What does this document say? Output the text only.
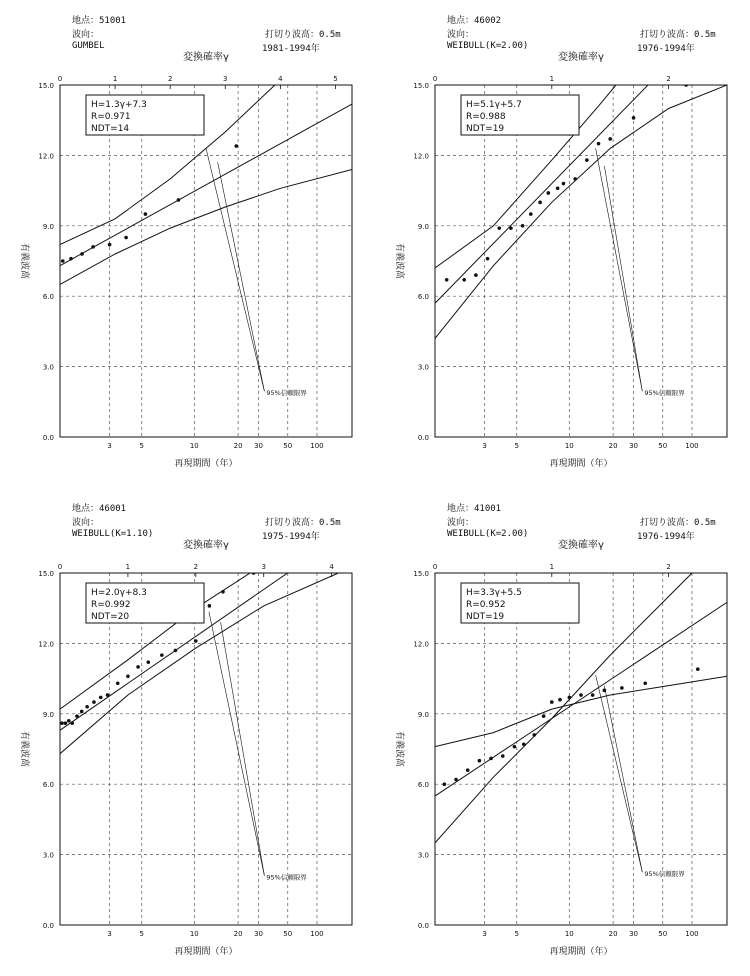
地点：51001
波向：
GUMBEL
打切り波高：0.5m
1981-1994年
変換確率γ
0.0
3.0
6.0
9.0
12.0
15.0
3	5	10	20 30	50	100
0	1	2	3	4	5
95%信頼限界
H=1.3γ+7.3
R=0.971
NDT=14
再現期間（年）
有義波高
地点：46002
波向：
WEIBULL(K=2.00)
打切り波高：0.5m
1976-1994年
変換確率γ
0.0
3.0
6.0
9.0
12.0
15.0
3	5	10	20 30	50	100
0	1	2
95%信頼限界
H=5.1γ+5.7
R=0.988
NDT=19
再現期間（年）
有義波高
地点：46001
波向：
WEIBULL(K=1.10)
打切り波高：0.5m
1975-1994年
変換確率γ
0.0
3.0
6.0
9.0
12.0
15.0
3	5	10	20 30	50	100
0	1	2	3	4
95%信頼限界
H=2.0γ+8.3
R=0.992
NDT=20
再現期間（年）
有義波高
地点：41001
波向：
WEIBULL(K=2.00)
打切り波高：0.5m
1976-1994年
変換確率γ
0.0
3.0
6.0
9.0
12.0
15.0
3	5	10	20 30	50	100
0	1	2
95%信頼限界
H=3.3γ+5.5
R=0.952
NDT=19
再現期間（年）
有義波高
